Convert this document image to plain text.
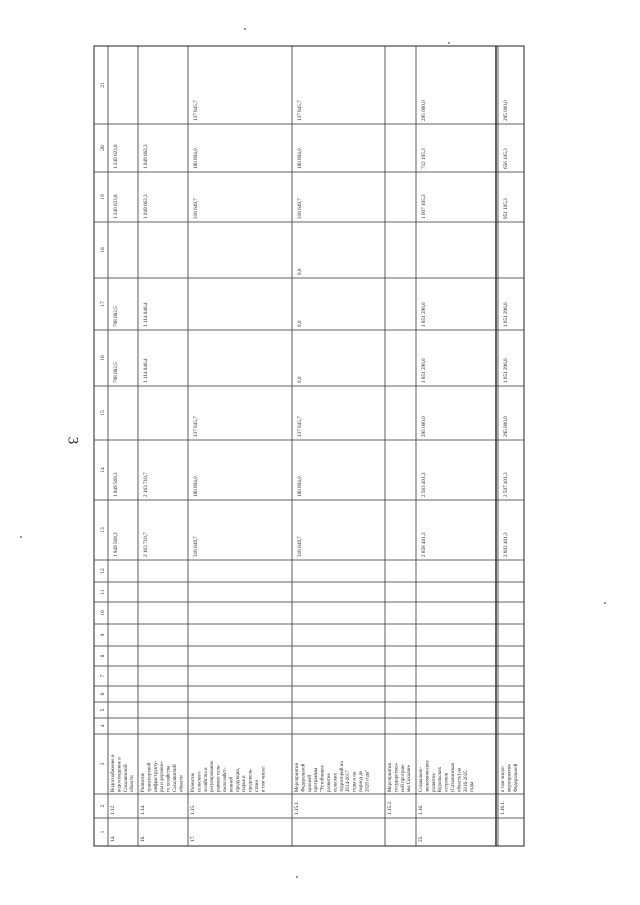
3
1
2
3
4
5
6
7
8
9
10
11
12
13
14
15
16
17
18
19
20
21
14.
1.12.
Водоснабжение и водоотведение в Сахалинской области
1 949 569,3
1 949 569,3
708 682,5
708 682,5
1 240 623,8
1 240 623,8
16.
1.14.
Развитие транспортной инфраструкту- ры и дорожно- го хозяйства Сахалинской области
2 163 710,7
2 163 710,7
1 114 048,4
1 114 048,4
1 049 662,3
1 049 662,3
17.
1.15.
Развитие сельского хозяйства и регулирование рынков сель- скохозяйст- венной продукции, сырья и продоволь- ствия в том числе:
318 649,7
180 804,0
137 845,7
318 649,7
180 804,0
137 845,7
1.15.1.
Мероприятия Федеральной целевой программы "Устойчивое развитие сельских территорий на 2014-2017 годы и на период до 2020 года"
318 649,7
180 804,0
137 845,7
0,0
0,0
0,0
318 649,7
180 804,0
137 845,7
1.15.2.
Мероприятия государствен- ной програм- мы Сахалин-
25.
1.16.
Социально- экономическое развитие Курильских островов (Сахалинская область) на 2016-2025 годы
2 858 401,3
2 563 401,3
295 000,0
1 851 296,0
1 851 296,0
1 007 105,3
712 105,3
295 000,0
1.16.1.
в том числе: мероприятия Федеральной
2 802 401,3
2 507 401,3
295 000,0
1 851 296,0
1 851 296,0
951 105,3
656 105,3
295 000,0
